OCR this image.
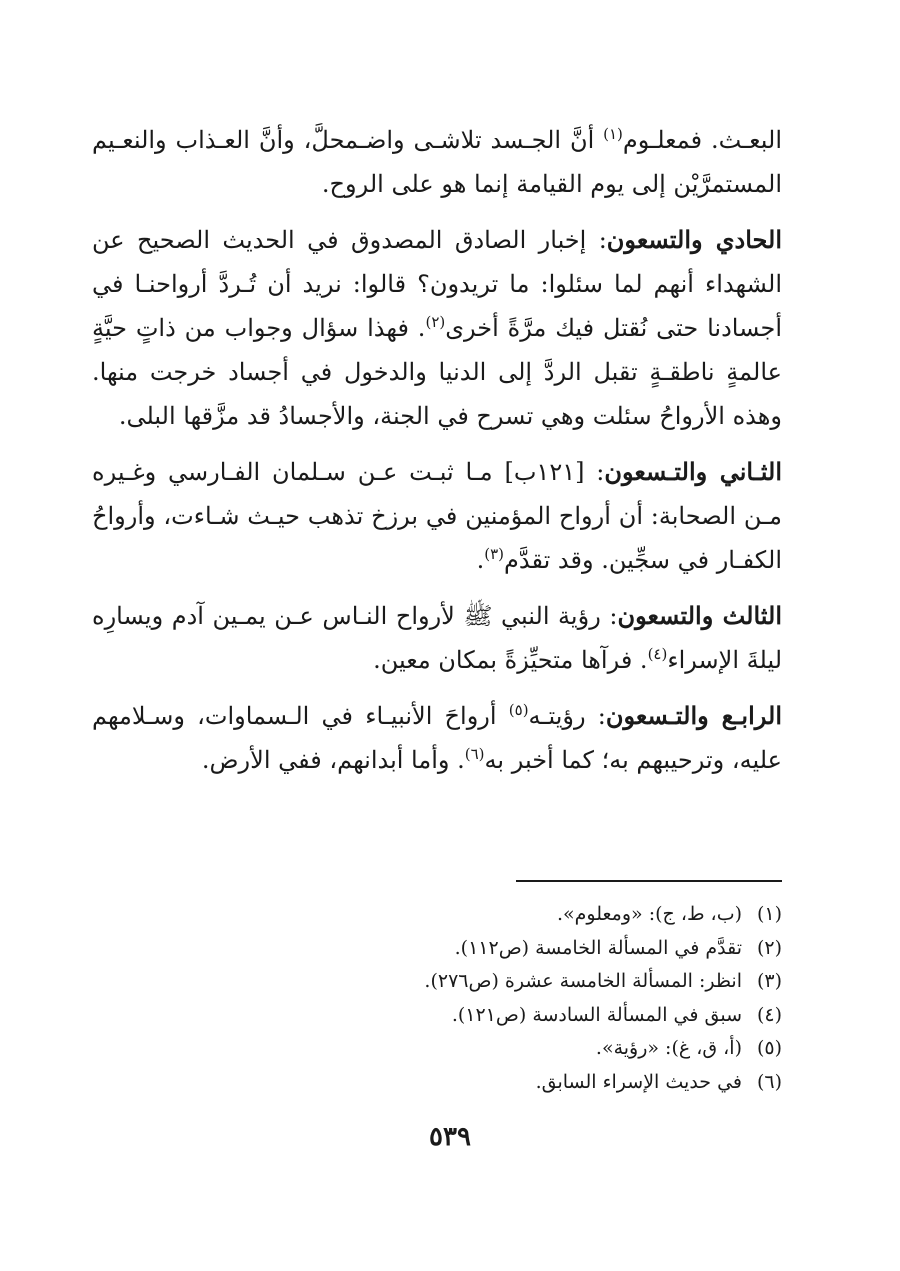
البعـث. فمعلـوم$^{(١)}$ أنَّ الجـسد تلاشـى واضـمحلَّ، وأنَّ العـذاب والنعـيم المستمرَّيْن إلى يوم القيامة إنما هو على الروح.

الحادي والتسعون: إخبار الصادق المصدوق في الحديث الصحيح عن الشهداء أنهم لما سئلوا: ما تريدون؟ قالوا: نريد أن تُـردَّ أرواحنـا في أجسادنا حتى نُقتل فيك مرَّةً أخرى$^{(٢)}$. فهذا سؤال وجواب من ذاتٍ حيَّةٍ عالمةٍ ناطقـةٍ تقبل الردَّ إلى الدنيا والدخول في أجساد خرجت منها. وهذه الأرواحُ سئلت وهي تسرح في الجنة، والأجسادُ قد مزَّقها البلى.

الثـاني والتـسعون: [١٢١ب] مـا ثبـت عـن سـلمان الفـارسي وغـيره مـن الصحابة: أن أرواح المؤمنين في برزخ تذهب حيـث شـاءت، وأرواحُ الكفـار في سجِّين. وقد تقدَّم$^{(٣)}$.

الثالث والتسعون: رؤية النبي ﷺ لأرواح النـاس عـن يمـين آدم ويسارِه ليلةَ الإسراء$^{(٤)}$. فرآها متحيِّزةً بمكان معين.

الرابـع والتـسعون: رؤيتـه$^{(٥)}$ أرواحَ الأنبيـاء في الـسماوات، وسـلامهم عليه، وترحيبهم به؛ كما أخبر به$^{(٦)}$. وأما أبدانهم، ففي الأرض.

(١)(ب، ط، ج): «ومعلوم».
(٢)تقدَّم في المسألة الخامسة (ص١١٢).
(٣)انظر: المسألة الخامسة عشرة (ص٢٧٦).
(٤)سبق في المسألة السادسة (ص١٢١).
(٥)(أ، ق، غ): «رؤية».
(٦)في حديث الإسراء السابق.
٥٣٩
